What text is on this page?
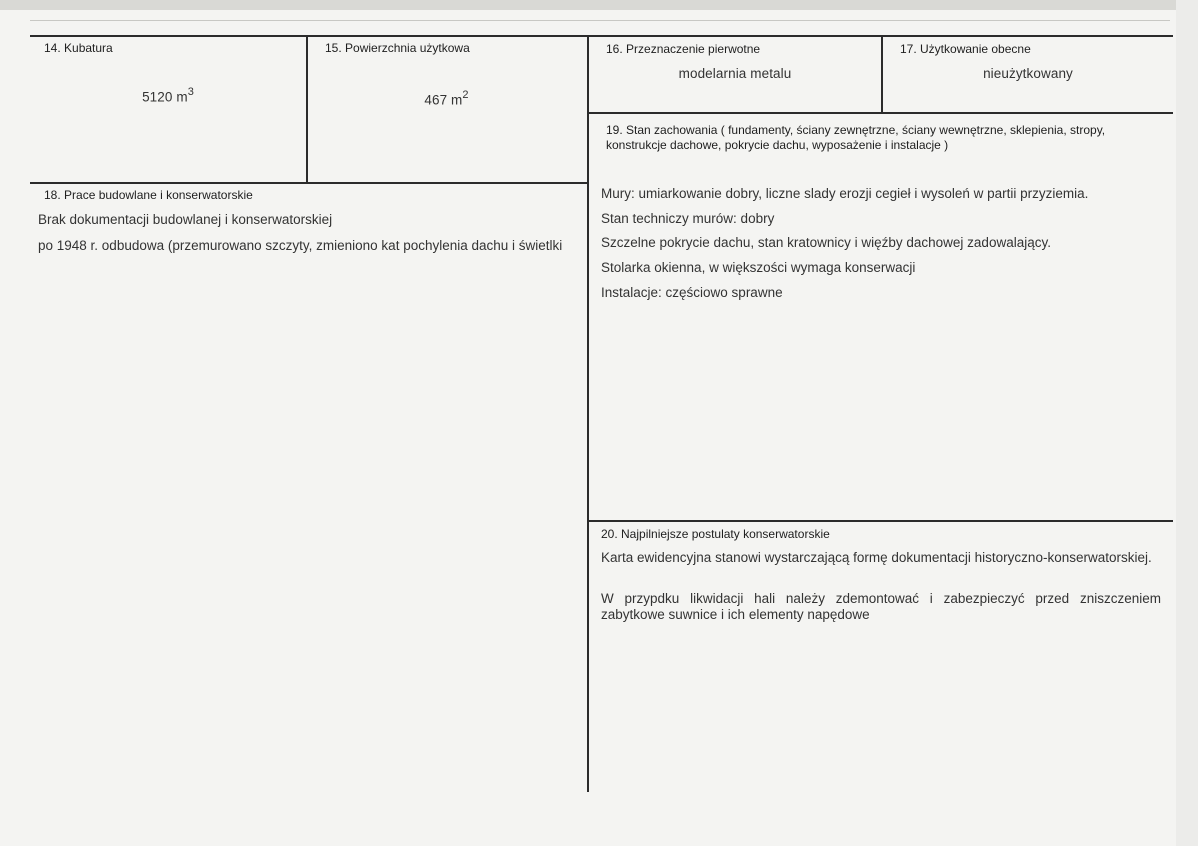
14. Kubatura
5120 $m^3$
15. Powierzchnia użytkowa
467 $m^2$
16. Przeznaczenie pierwotne
modelarnia metalu
17. Użytkowanie obecne
nieużytkowany
18. Prace budowlane i konserwatorskie
Brak dokumentacji budowlanej i konserwatorskiej
po 1948 r. odbudowa (przemurowano szczyty, zmieniono kat pochylenia dachu i świetlki
19. Stan zachowania ( fundamenty, ściany zewnętrzne, ściany wewnętrzne, sklepienia, stropy, konstrukcje dachowe, pokrycie dachu, wyposażenie i instalacje )
Mury: umiarkowanie dobry, liczne slady erozji cegieł i wysoleń w partii przyziemia.
Stan techniczy murów: dobry
Szczelne pokrycie dachu, stan kratownicy i więźby dachowej zadowalający.
Stolarka okienna, w większości wymaga konserwacji
Instalacje: częściowo sprawne
20. Najpilniejsze postulaty konserwatorskie
Karta ewidencyjna stanowi wystarczającą formę dokumentacji historyczno-konserwatorskiej.
W przypdku likwidacji hali należy zdemontować i zabezpieczyć przed zniszczeniem zabytkowe suwnice i ich elementy napędowe
